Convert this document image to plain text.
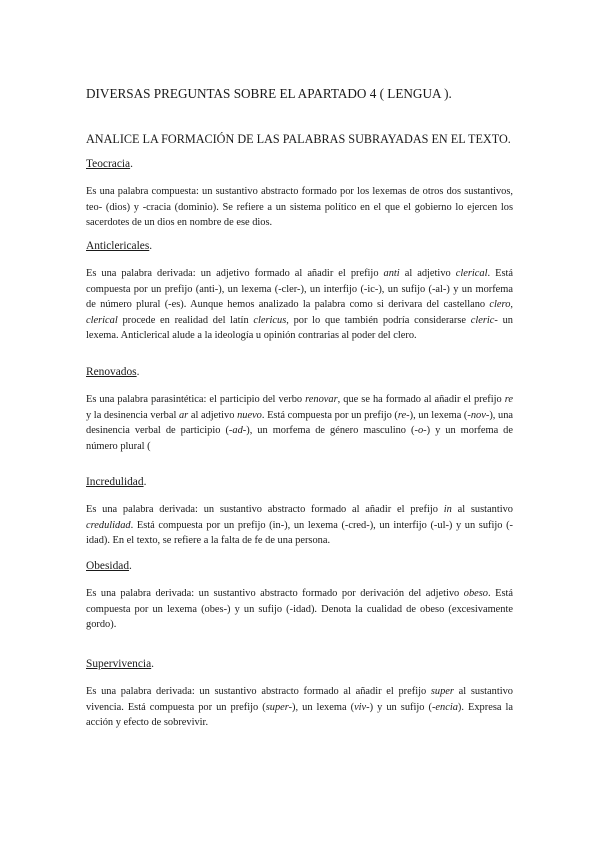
DIVERSAS PREGUNTAS SOBRE EL APARTADO 4 ( LENGUA ).
ANALICE LA FORMACIÓN DE LAS PALABRAS SUBRAYADAS EN EL TEXTO.
Teocracia.

Es una palabra compuesta: un sustantivo abstracto formado por los lexemas de otros dos sustantivos, teo- (dios) y -cracia (dominio). Se refiere a un sistema político en el que el gobierno lo ejercen los sacerdotes de un dios en nombre de ese dios.

Anticlericales.

Es una palabra derivada: un adjetivo formado al añadir el prefijo anti al adjetivo clerical. Está compuesta por un prefijo (anti-), un lexema (-cler-), un interfijo (-ic-), un sufijo (-al-) y un morfema de número plural (-es). Aunque hemos analizado la palabra como si derivara del castellano clero, clerical procede en realidad del latín clericus, por lo que también podría considerarse cleric- un lexema. Anticlerical alude a la ideología u opinión contrarias al poder del clero.

Renovados.

Es una palabra parasintética: el participio del verbo renovar, que se ha formado al añadir el prefijo re y la desinencia verbal ar al adjetivo nuevo. Está compuesta por un prefijo (re-), un lexema (-nov-), una desinencia verbal de participio (-ad-), un morfema de género masculino (-o-) y un morfema de número plural (

Incredulidad.

Es una palabra derivada: un sustantivo abstracto formado al añadir el prefijo in al sustantivo credulidad. Está compuesta por un prefijo (in-), un lexema (-cred-), un interfijo (-ul-) y un sufijo (-idad). En el texto, se refiere a la falta de fe de una persona.

Obesidad.

Es una palabra derivada: un sustantivo abstracto formado por derivación del adjetivo obeso. Está compuesta por un lexema (obes-) y un sufijo (-idad). Denota la cualidad de obeso (excesivamente gordo).

Supervivencia.

Es una palabra derivada: un sustantivo abstracto formado al añadir el prefijo super al sustantivo vivencia. Está compuesta por un prefijo (super-), un lexema (viv-) y un sufijo (-encia). Expresa la acción y efecto de sobrevivir.
